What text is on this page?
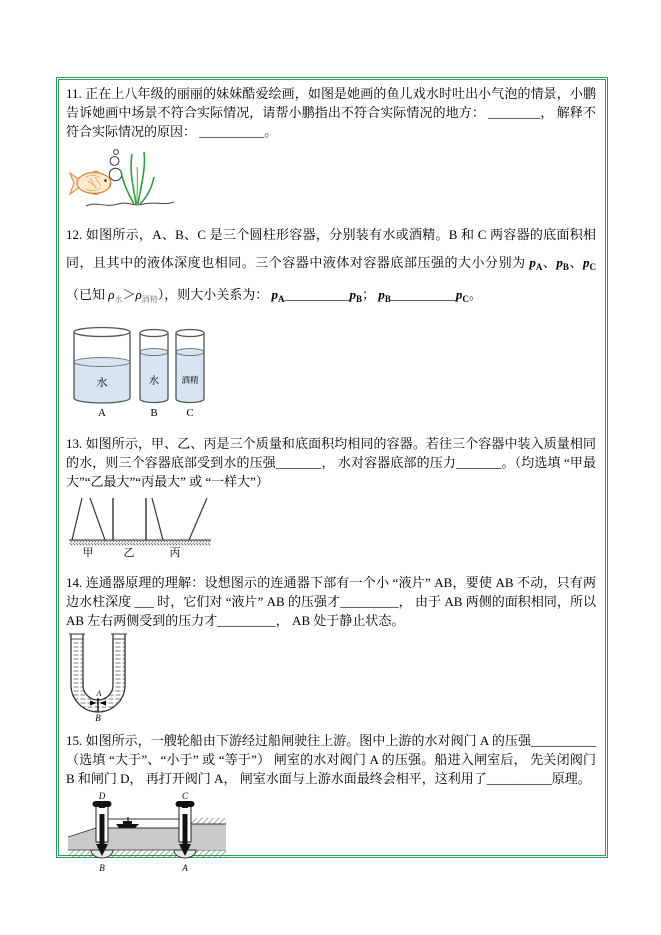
11. 正在上八年级的丽丽的妹妹酷爱绘画，如图是她画的鱼儿戏水时吐出小气泡的情景，小鹏告诉她画中场景不符合实际情况，请帮小鹏指出不符合实际情况的地方： ________， 解释不符合实际情况的原因： __________。

12. 如图所示，A、B、C 是三个圆柱形容器，分别装有水或酒精。B 和 C 两容器的底面积相同，且其中的液体深度也相同。三个容器中液体对容器底部压强的大小分别为 $p_A$、$p_B$、$p_C$（已知 $\rho_水>\rho_{酒精}$），则大小关系为： $p_A\_\_\_\_\_\_\_\_\_\_p_B$； $p_B\_\_\_\_\_\_\_\_\_\_p_C$。

水
A
水
B
酒精
C

13. 如图所示，甲、乙、丙是三个质量和底面积均相同的容器。若往三个容器中装入质量相同的水，则三个容器底部受到水的压强_______， 水对容器底部的压力_______。（均选填 “甲最大”“乙最大”“丙最大” 或 “一样大”）

甲	乙	丙

14. 连通器原理的理解：设想图示的连通器下部有一个小 “液片” AB，要使 AB 不动，只有两边水柱深度 ___ 时，它们对 “液片” AB 的压强才_________， 由于 AB 两侧的面积相同，所以 AB 左右两侧受到的压力才_________， AB 处于静止状态。

A
B

15. 如图所示，一艘轮船由下游经过船闸驶往上游。图中上游的水对阀门 A 的压强__________ （选填 “大于”、“小于” 或 “等于”） 闸室的水对阀门 A 的压强。船进入闸室后， 先关闭阀门 B 和闸门 D， 再打开阀门 A， 闸室水面与上游水面最终会相平，这利用了__________原理。

D	C
B	A
